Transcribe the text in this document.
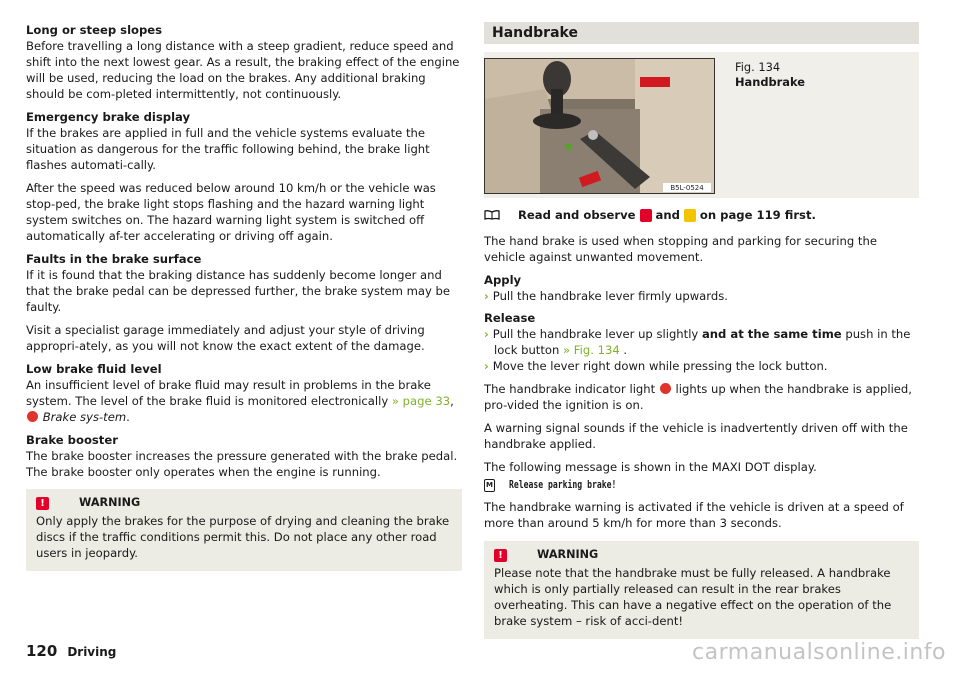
Long or steep slopes
Before travelling a long distance with a steep gradient, reduce speed and shift into the next lowest gear. As a result, the braking effect of the engine will be used, reducing the load on the brakes. Any additional braking should be com-pleted intermittently, not continuously.

Emergency brake display
If the brakes are applied in full and the vehicle systems evaluate the situation as dangerous for the traffic following behind, the brake light flashes automati-cally.

After the speed was reduced below around 10 km/h or the vehicle was stop-ped, the brake light stops flashing and the hazard warning light system switches on. The hazard warning light system is switched off automatically af-ter accelerating or driving off again.

Faults in the brake surface
If it is found that the braking distance has suddenly become longer and that the brake pedal can be depressed further, the brake system may be faulty.

Visit a specialist garage immediately and adjust your style of driving appropri-ately, as you will not know the exact extent of the damage.

Low brake fluid level
An insufficient level of brake fluid may result in problems in the brake system. The level of the brake fluid is monitored electronically » page 33,  Brake sys-tem.

Brake booster
The brake booster increases the pressure generated with the brake pedal. The brake booster only operates when the engine is running.

!	WARNING
Only apply the brakes for the purpose of drying and cleaning the brake discs if the traffic conditions permit this. Do not place any other road users in jeopardy.
Handbrake
B5L-0524
Fig. 134
Handbrake
Read and observe and on page 119 first.

The hand brake is used when stopping and parking for securing the vehicle against unwanted movement.

Apply
› Pull the handbrake lever firmly upwards.

Release
› Pull the handbrake lever up slightly and at the same time push in the lock button » Fig. 134 .
› Move the lever right down while pressing the lock button.

The handbrake indicator light  lights up when the handbrake is applied, pro-vided the ignition is on.

A warning signal sounds if the vehicle is inadvertently driven off with the handbrake applied.

The following message is shown in the MAXI DOT display.

M Release parking brake!

The handbrake warning is activated if the vehicle is driven at a speed of more than around 5 km/h for more than 3 seconds.

!	WARNING
Please note that the handbrake must be fully released. A handbrake which is only partially released can result in the rear brakes overheating. This can have a negative effect on the operation of the brake system – risk of acci-dent!
120 Driving	carmanualsonline.info
